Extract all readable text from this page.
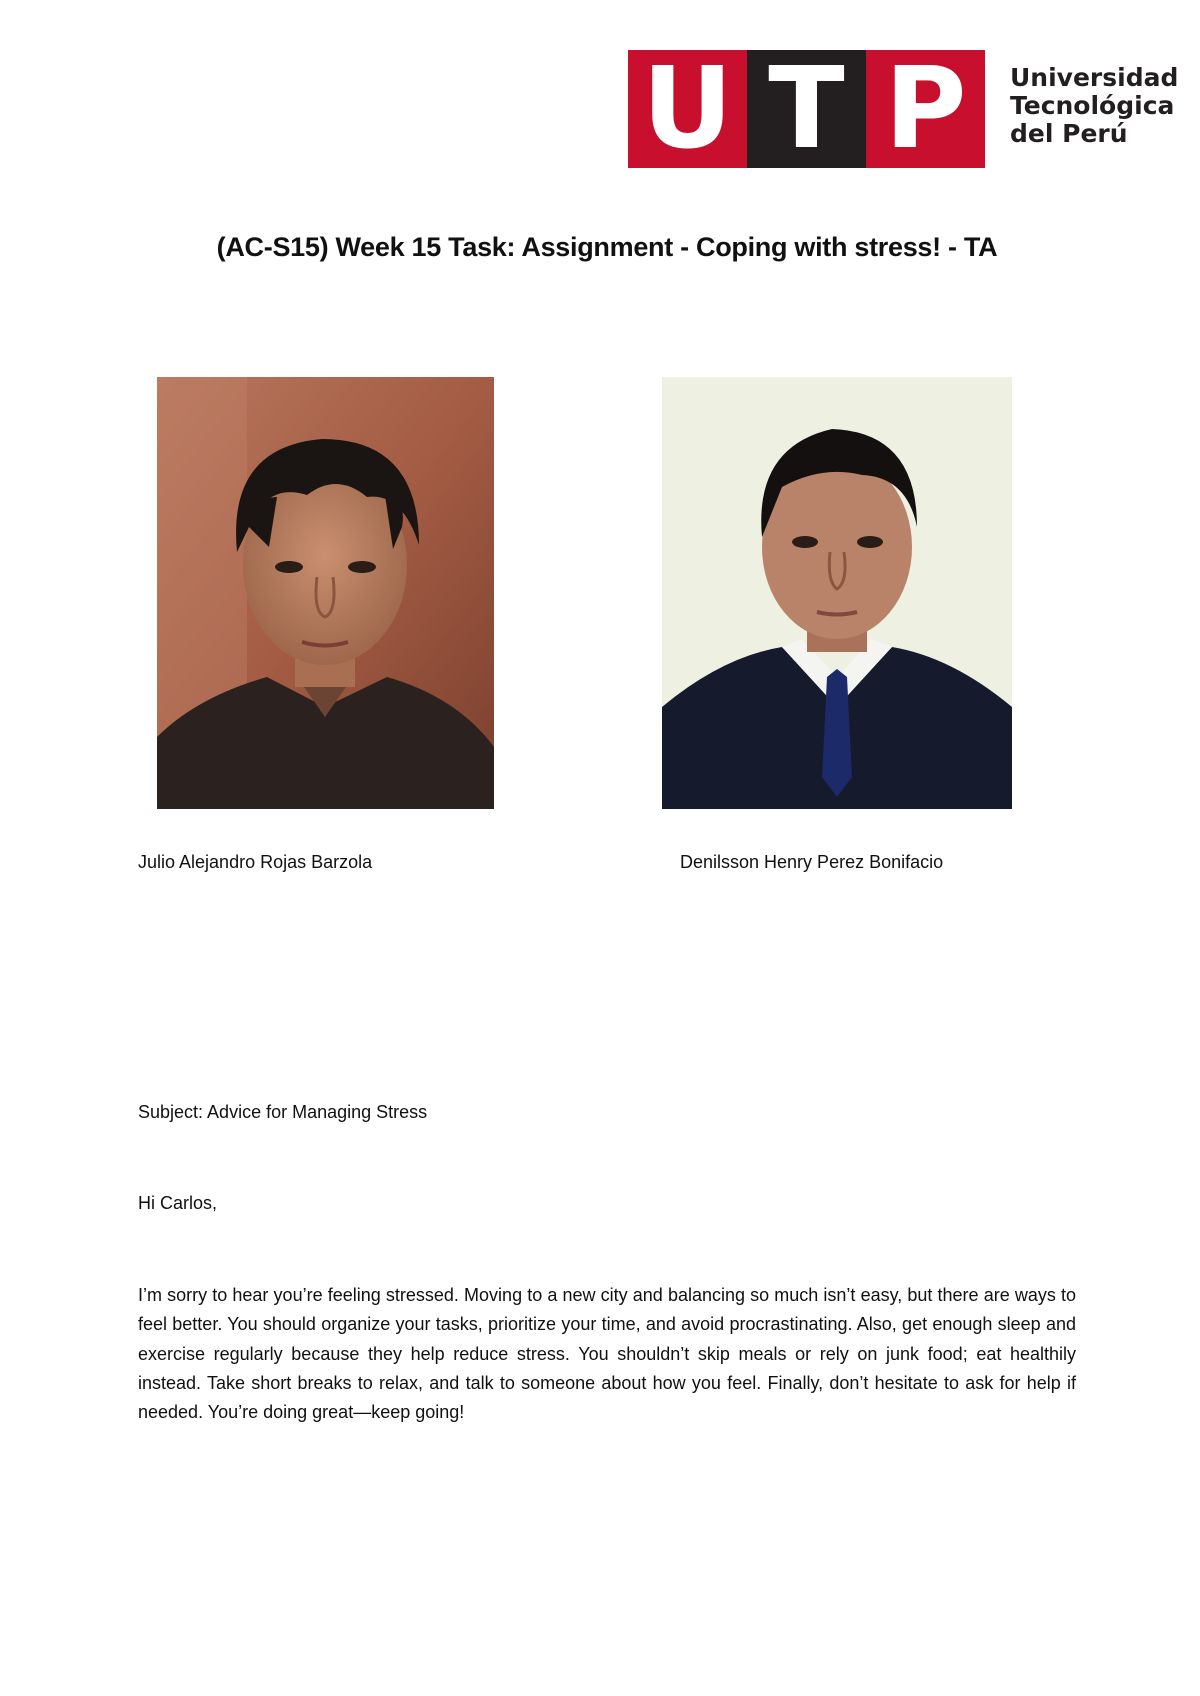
U T P	Universidad
Tecnológica
del Perú
(AC-S15) Week 15 Task: Assignment - Coping with stress! - TA
Julio Alejandro Rojas Barzola	Denilsson Henry Perez Bonifacio
Subject: Advice for Managing Stress
Hi Carlos,
I’m sorry to hear you’re feeling stressed. Moving to a new city and balancing so much isn’t easy, but there are ways to feel better. You should organize your tasks, prioritize your time, and avoid procrastinating. Also, get enough sleep and exercise regularly because they help reduce stress. You shouldn’t skip meals or rely on junk food; eat healthily instead. Take short breaks to relax, and talk to someone about how you feel. Finally, don’t hesitate to ask for help if needed. You’re doing great—keep going!
